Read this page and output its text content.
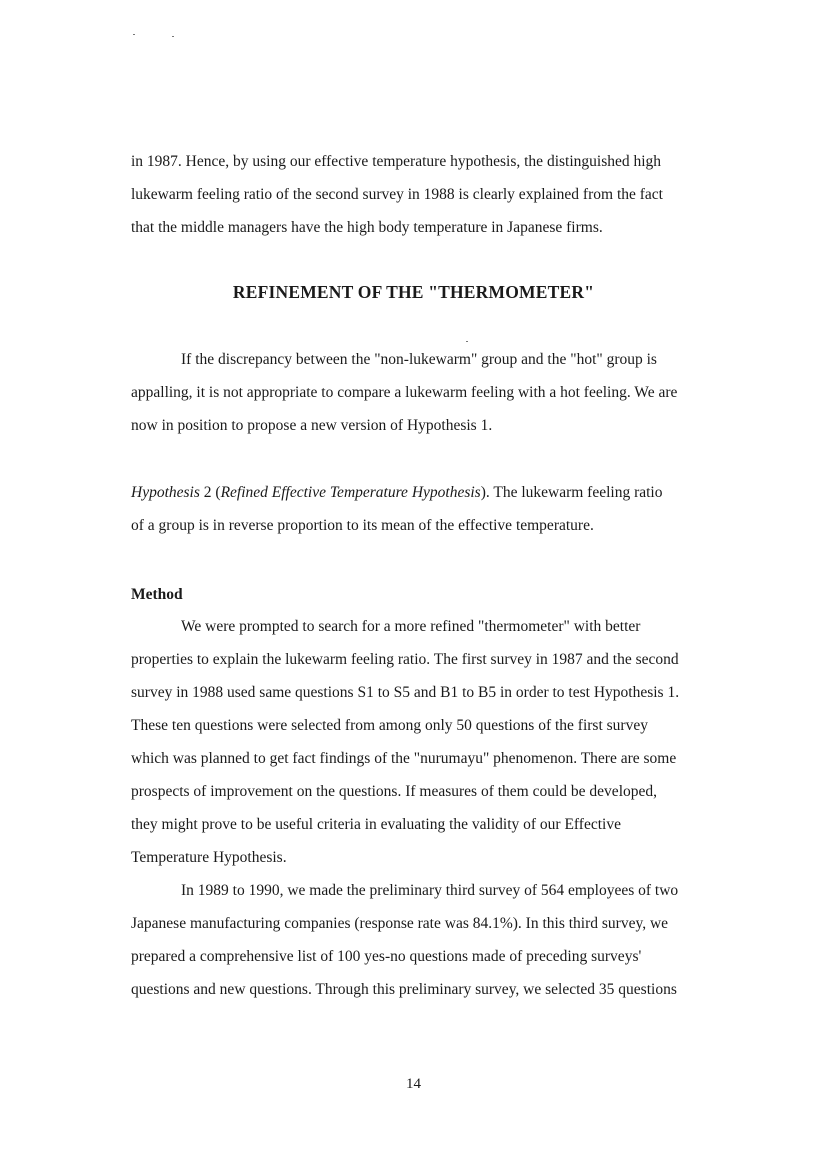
in 1987. Hence, by using our effective temperature hypothesis, the distinguished high
lukewarm feeling ratio of the second survey in 1988 is clearly explained from the fact
that the middle managers have the high body temperature in Japanese firms.

REFINEMENT OF THE "THERMOMETER"

If the discrepancy between the "non-lukewarm" group and the "hot" group is
appalling, it is not appropriate to compare a lukewarm feeling with a hot feeling. We are
now in position to propose a new version of Hypothesis 1.

Hypothesis 2 (Refined Effective Temperature Hypothesis). The lukewarm feeling ratio
of a group is in reverse proportion to its mean of the effective temperature.

Method

We were prompted to search for a more refined "thermometer" with better
properties to explain the lukewarm feeling ratio. The first survey in 1987 and the second
survey in 1988 used same questions S1 to S5 and B1 to B5 in order to test Hypothesis 1.
These ten questions were selected from among only 50 questions of the first survey
which was planned to get fact findings of the "nurumayu" phenomenon. There are some
prospects of improvement on the questions. If measures of them could be developed,
they might prove to be useful criteria in evaluating the validity of our Effective
Temperature Hypothesis.

In 1989 to 1990, we made the preliminary third survey of 564 employees of two
Japanese manufacturing companies (response rate was 84.1%). In this third survey, we
prepared a comprehensive list of 100 yes-no questions made of preceding surveys'
questions and new questions. Through this preliminary survey, we selected 35 questions

14
